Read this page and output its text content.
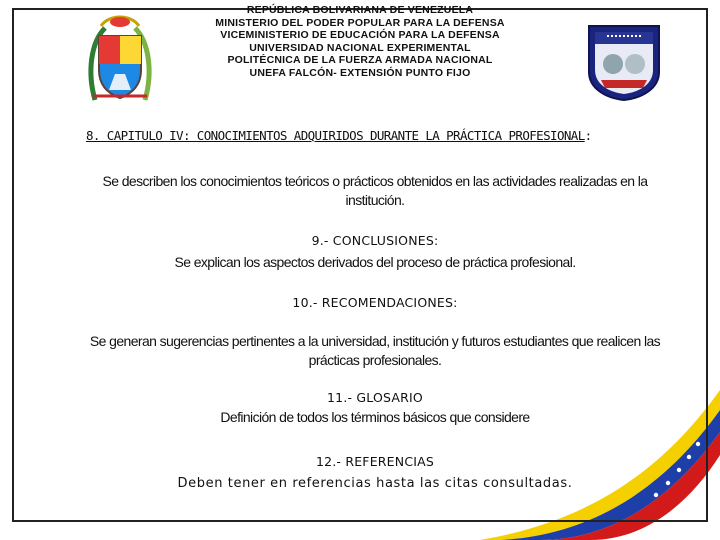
REPÚBLICA BOLIVARIANA DE VENEZUELA
MINISTERIO DEL PODER POPULAR PARA LA DEFENSA
VICEMINISTERIO DE EDUCACIÓN PARA LA DEFENSA
UNIVERSIDAD NACIONAL EXPERIMENTAL
POLITÉCNICA DE LA FUERZA ARMADA NACIONAL
UNEFA FALCÓN- EXTENSIÓN PUNTO FIJO
8. CAPITULO IV: CONOCIMIENTOS ADQUIRIDOS DURANTE LA PRÁCTICA PROFESIONAL:
Se describen los conocimientos teóricos o prácticos obtenidos en las actividades realizadas en la
institución.
9.- CONCLUSIONES:
Se explican los aspectos derivados del proceso de práctica profesional.
10.- RECOMENDACIONES:
Se generan sugerencias pertinentes a la universidad, institución y futuros estudiantes que realicen las
prácticas profesionales.
11.- GLOSARIO
Definición de todos los términos básicos que considere
12.- REFERENCIAS
Deben tener en referencias hasta las citas consultadas.
